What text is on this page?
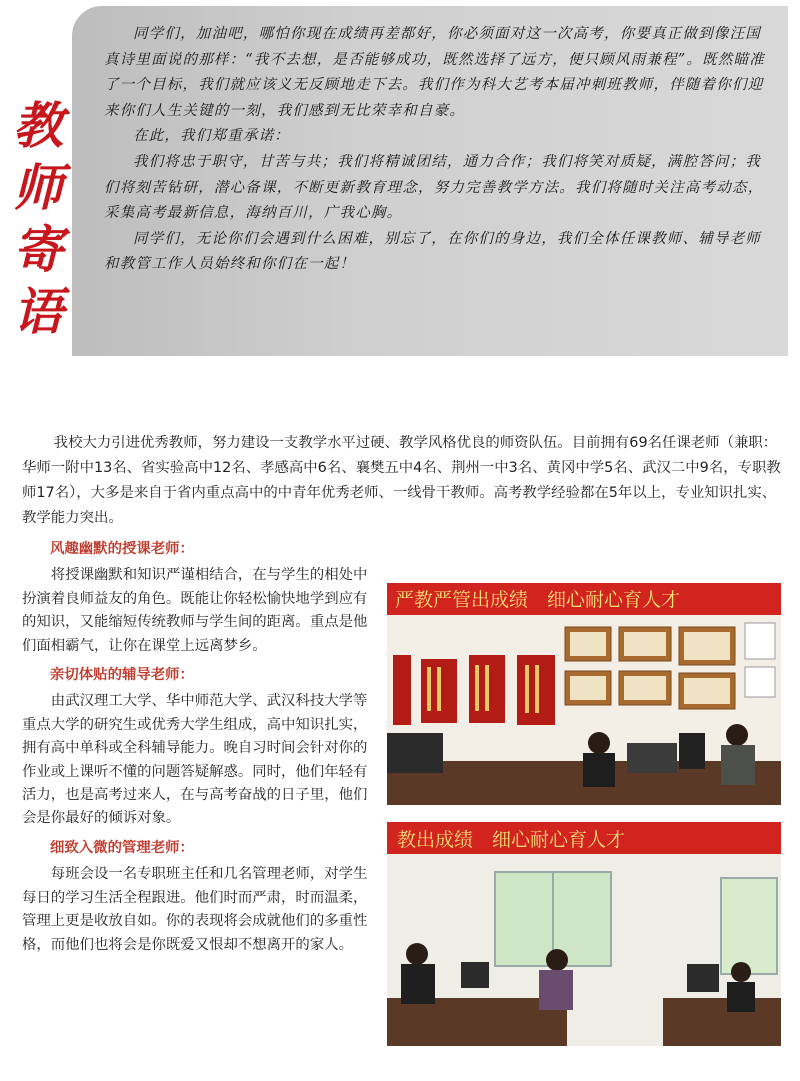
教
师
寄
语

同学们，加油吧，哪怕你现在成绩再差都好，你必须面对这一次高考，你要真正做到像汪国真诗里面说的那样：“我不去想，是否能够成功，既然选择了远方，便只顾风雨兼程”。既然瞄准了一个目标，我们就应该义无反顾地走下去。我们作为科大艺考本届冲刺班教师，伴随着你们迎来你们人生关键的一刻，我们感到无比荣幸和自豪。

在此，我们郑重承诺：

我们将忠于职守，甘苦与共；我们将精诚团结，通力合作；我们将笑对质疑，满腔答问；我们将刻苦钻研，潜心备课，不断更新教育理念，努力完善教学方法。我们将随时关注高考动态，采集高考最新信息，海纳百川，广我心胸。

同学们，无论你们会遇到什么困难，别忘了，在你们的身边，我们全体任课教师、辅导老师和教管工作人员始终和你们在一起！

我校大力引进优秀教师，努力建设一支教学水平过硬、教学风格优良的师资队伍。目前拥有69名任课老师（兼职：华师一附中13名、省实验高中12名、孝感高中6名、襄樊五中4名、荆州一中3名、黄冈中学5名、武汉二中9名，专职教师17名），大多是来自于省内重点高中的中青年优秀老师、一线骨干教师。高考教学经验都在5年以上，专业知识扎实、教学能力突出。

风趣幽默的授课老师：

将授课幽默和知识严谨相结合，在与学生的相处中扮演着良师益友的角色。既能让你轻松愉快地学到应有的知识，又能缩短传统教师与学生间的距离。重点是他们面相霸气，让你在课堂上远离梦乡。

亲切体贴的辅导老师：

由武汉理工大学、华中师范大学、武汉科技大学等重点大学的研究生或优秀大学生组成，高中知识扎实，拥有高中单科或全科辅导能力。晚自习时间会针对你的作业或上课听不懂的问题答疑解惑。同时，他们年轻有活力，也是高考过来人，在与高考奋战的日子里，他们会是你最好的倾诉对象。

细致入微的管理老师：

每班会设一名专职班主任和几名管理老师，对学生每日的学习生活全程跟进。他们时而严肃，时而温柔，管理上更是收放自如。你的表现将会成就他们的多重性格，而他们也将会是你既爱又恨却不想离开的家人。

严教严管出成绩　细心耐心育人才
教出成绩　细心耐心育人才
